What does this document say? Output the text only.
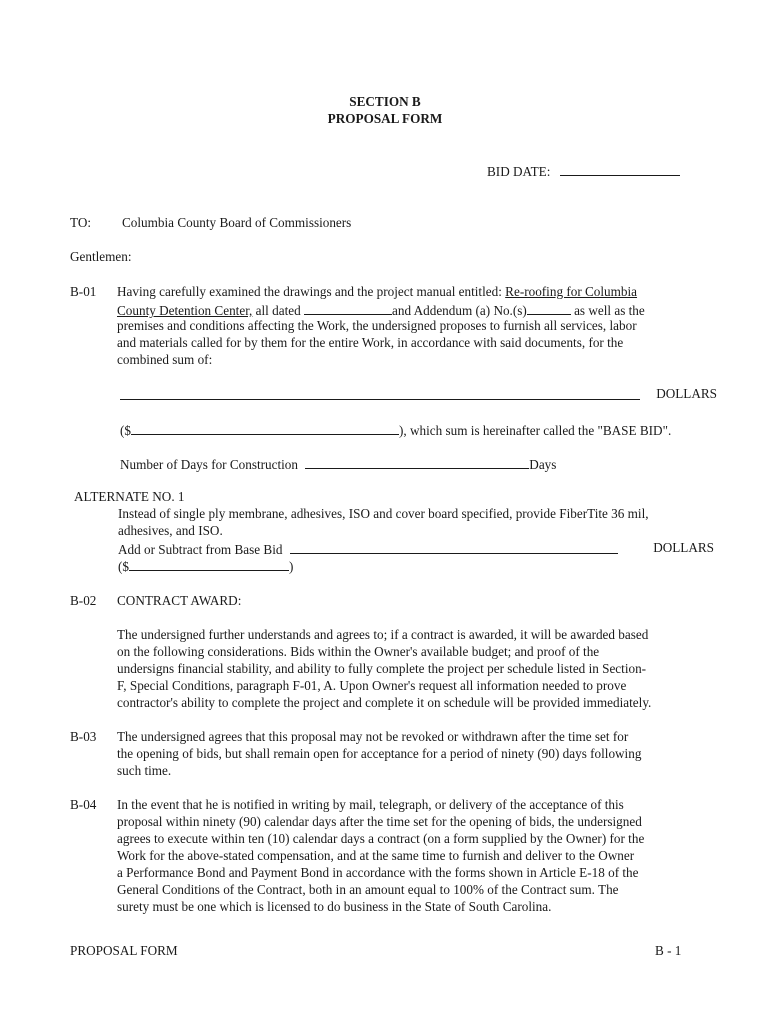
SECTION B
PROPOSAL FORM
BID DATE:
TO: Columbia County Board of Commissioners
Gentlemen:
B-01 Having carefully examined the drawings and the project manual entitled: Re-roofing for Columbia
County Detention Center, all dated	and Addendum (a) No.(s)	as well as the
premises and conditions affecting the Work, the undersigned proposes to furnish all services, labor
and materials called for by them for the entire Work, in accordance with said documents, for the
combined sum of:
DOLLARS
($	), which sum is hereinafter called the "BASE BID".
Number of Days for Construction	Days
ALTERNATE NO. 1
Instead of single ply membrane, adhesives, ISO and cover board specified, provide FiberTite 36 mil,
adhesives, and ISO.
Add or Subtract from Base Bid	DOLLARS
($	)
B-02 CONTRACT AWARD:
The undersigned further understands and agrees to; if a contract is awarded, it will be awarded based
on the following considerations. Bids within the Owner's available budget; and proof of the
undersigns financial stability, and ability to fully complete the project per schedule listed in Section-
F, Special Conditions, paragraph F-01, A. Upon Owner's request all information needed to prove
contractor's ability to complete the project and complete it on schedule will be provided immediately.
B-03 The undersigned agrees that this proposal may not be revoked or withdrawn after the time set for
the opening of bids, but shall remain open for acceptance for a period of ninety (90) days following
such time.
B-04 In the event that he is notified in writing by mail, telegraph, or delivery of the acceptance of this
proposal within ninety (90) calendar days after the time set for the opening of bids, the undersigned
agrees to execute within ten (10) calendar days a contract (on a form supplied by the Owner) for the
Work for the above-stated compensation, and at the same time to furnish and deliver to the Owner
a Performance Bond and Payment Bond in accordance with the forms shown in Article E-18 of the
General Conditions of the Contract, both in an amount equal to 100% of the Contract sum. The
surety must be one which is licensed to do business in the State of South Carolina.
PROPOSAL FORM	B - 1
